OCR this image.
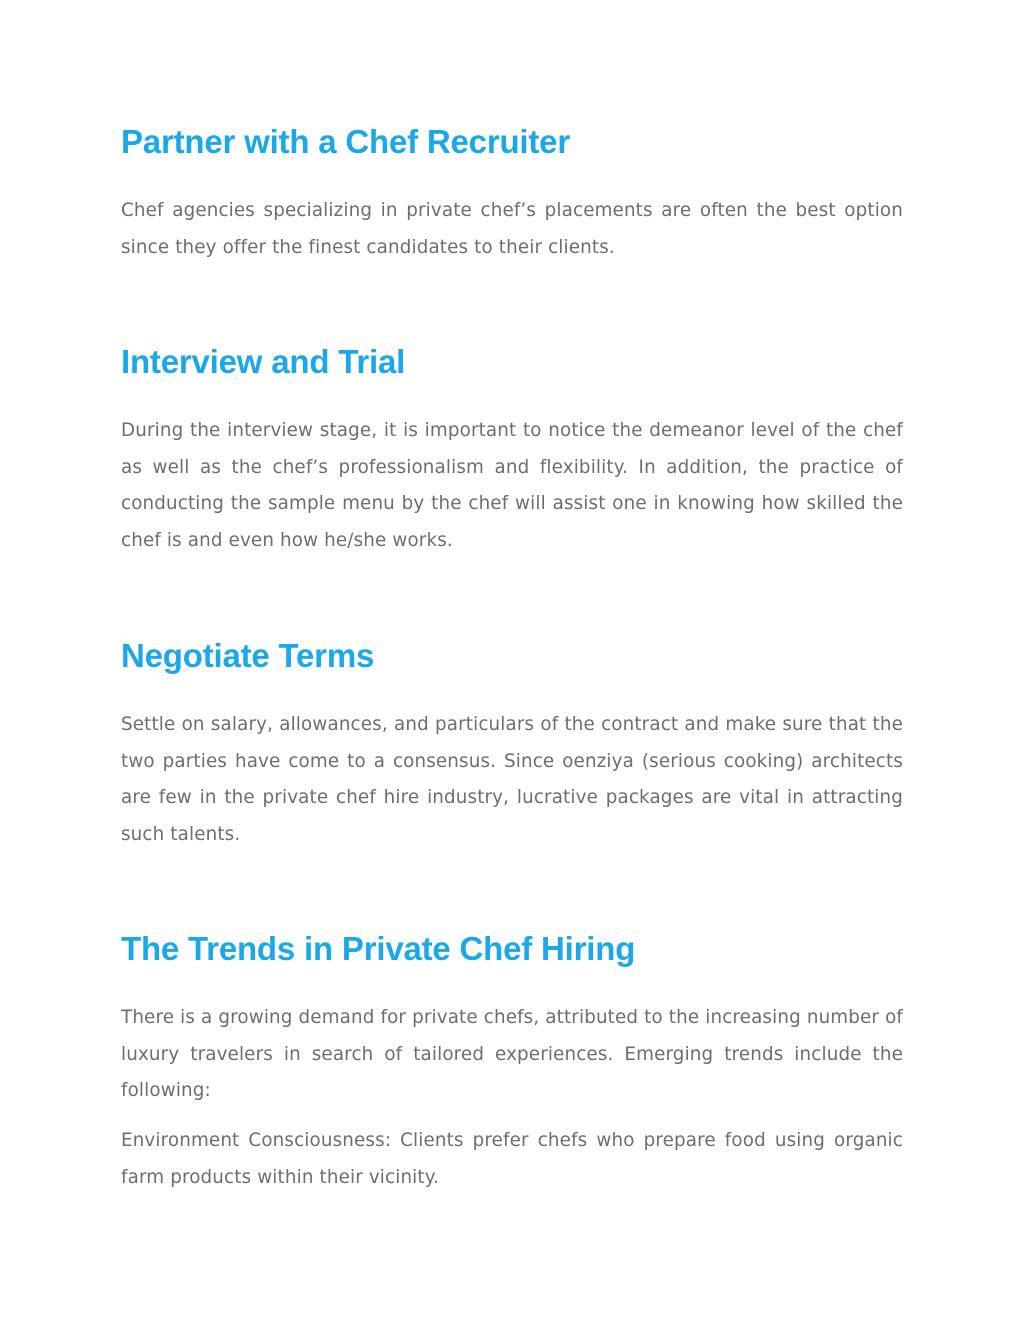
Partner with a Chef Recruiter

Chef agencies specializing in private chef’s placements are often the best option since they offer the finest candidates to their clients.

Interview and Trial

During the interview stage, it is important to notice the demeanor level of the chef as well as the chef’s professionalism and flexibility. In addition, the practice of conducting the sample menu by the chef will assist one in knowing how skilled the chef is and even how he/she works.

Negotiate Terms

Settle on salary, allowances, and particulars of the contract and make sure that the two parties have come to a consensus. Since oenziya (serious cooking) architects are few in the private chef hire industry, lucrative packages are vital in attracting such talents.

The Trends in Private Chef Hiring

There is a growing demand for private chefs, attributed to the increasing number of luxury travelers in search of tailored experiences. Emerging trends include the following:

Environment Consciousness: Clients prefer chefs who prepare food using organic farm products within their vicinity.
